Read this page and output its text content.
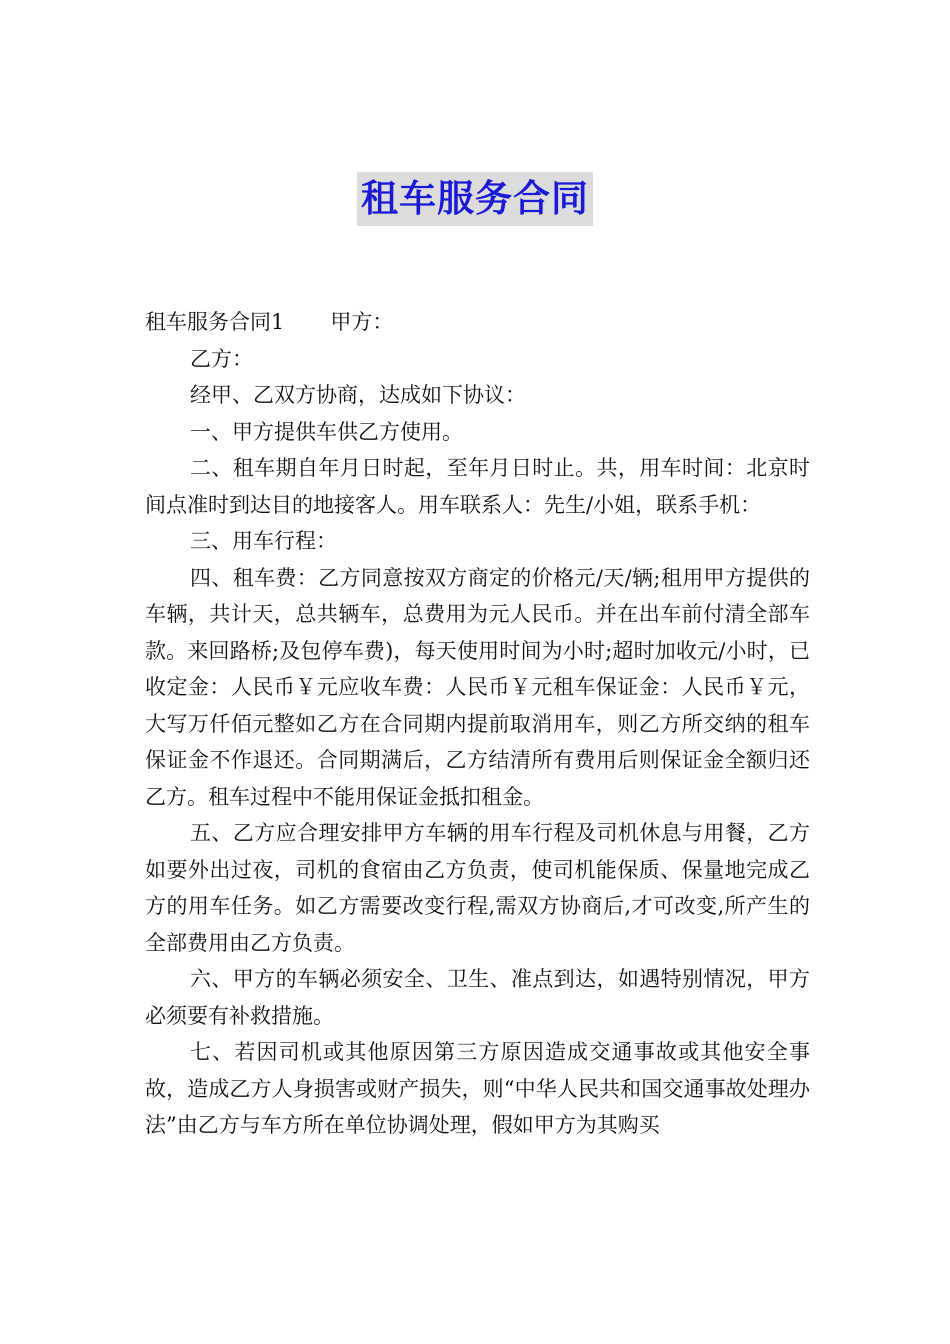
租车服务合同

租车服务合同1 甲方：

乙方：

经甲、乙双方协商，达成如下协议：

一、甲方提供车供乙方使用。

二、租车期自年月日时起，至年月日时止。共，用车时间：北京时间点准时到达目的地接客人。用车联系人：先生/小姐，联系手机：

三、用车行程：

四、租车费：乙方同意按双方商定的价格元/天/辆;租用甲方提供的车辆，共计天，总共辆车，总费用为元人民币。并在出车前付清全部车款。来回路桥;及包停车费)，每天使用时间为小时;超时加收元/小时，已收定金：人民币￥元应收车费：人民币￥元租车保证金：人民币￥元，大写万仟佰元整如乙方在合同期内提前取消用车，则乙方所交纳的租车保证金不作退还。合同期满后，乙方结清所有费用后则保证金全额归还乙方。租车过程中不能用保证金抵扣租金。

五、乙方应合理安排甲方车辆的用车行程及司机休息与用餐，乙方如要外出过夜，司机的食宿由乙方负责，使司机能保质、保量地完成乙方的用车任务。如乙方需要改变行程,需双方协商后,才可改变,所产生的全部费用由乙方负责。

六、甲方的车辆必须安全、卫生、准点到达，如遇特别情况，甲方必须要有补救措施。

七、若因司机或其他原因第三方原因造成交通事故或其他安全事故，造成乙方人身损害或财产损失，则“中华人民共和国交通事故处理办法”由乙方与车方所在单位协调处理，假如甲方为其购买
